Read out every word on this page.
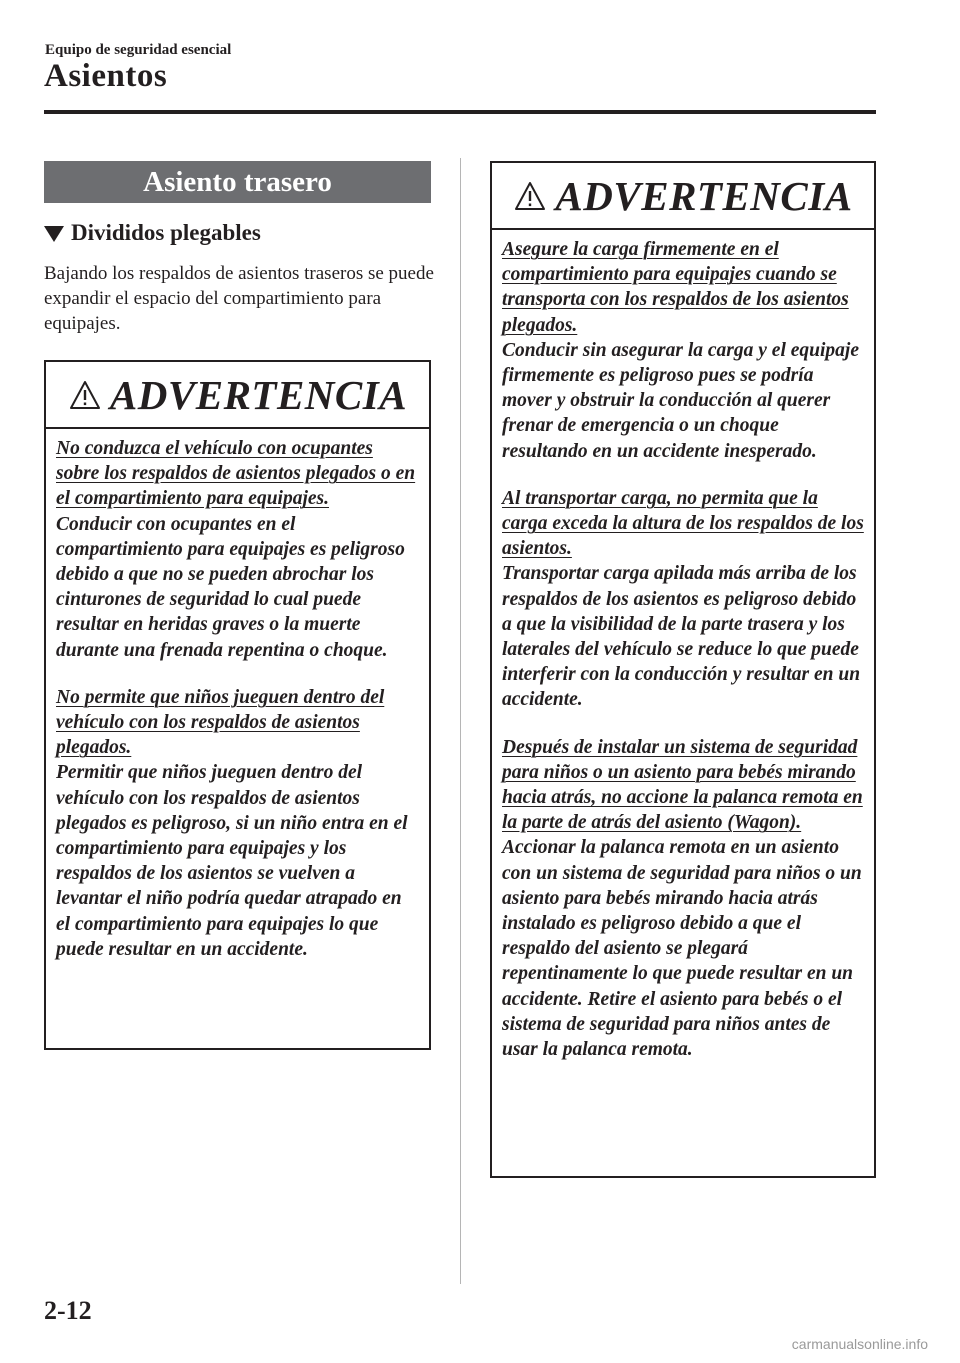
Equipo de seguridad esencial
Asientos
Asiento trasero
Divididos plegables
Bajando los respaldos de asientos traseros se puede expandir el espacio del compartimiento para equipajes.
ADVERTENCIA

No conduzca el vehículo con ocupantes sobre los respaldos de asientos plegados o en el compartimiento para equipajes.
Conducir con ocupantes en el compartimiento para equipajes es peligroso debido a que no se pueden abrochar los cinturones de seguridad lo cual puede resultar en heridas graves o la muerte durante una frenada repentina o choque.

No permite que niños jueguen dentro del vehículo con los respaldos de asientos plegados.
Permitir que niños jueguen dentro del vehículo con los respaldos de asientos plegados es peligroso, si un niño entra en el compartimiento para equipajes y los respaldos de los asientos se vuelven a levantar el niño podría quedar atrapado en el compartimiento para equipajes lo que puede resultar en un accidente.

ADVERTENCIA

Asegure la carga firmemente en el compartimiento para equipajes cuando se transporta con los respaldos de los asientos plegados.
Conducir sin asegurar la carga y el equipaje firmemente es peligroso pues se podría mover y obstruir la conducción al querer frenar de emergencia o un choque resultando en un accidente inesperado.

Al transportar carga, no permita que la carga exceda la altura de los respaldos de los asientos.
Transportar carga apilada más arriba de los respaldos de los asientos es peligroso debido a que la visibilidad de la parte trasera y los laterales del vehículo se reduce lo que puede interferir con la conducción y resultar en un accidente.

Después de instalar un sistema de seguridad para niños o un asiento para bebés mirando hacia atrás, no accione la palanca remota en la parte de atrás del asiento (Wagon).
Accionar la palanca remota en un asiento con un sistema de seguridad para niños o un asiento para bebés mirando hacia atrás instalado es peligroso debido a que el respaldo del asiento se plegará repentinamente lo que puede resultar en un accidente. Retire el asiento para bebés o el sistema de seguridad para niños antes de usar la palanca remota.

2-12
carmanualsonline.info
